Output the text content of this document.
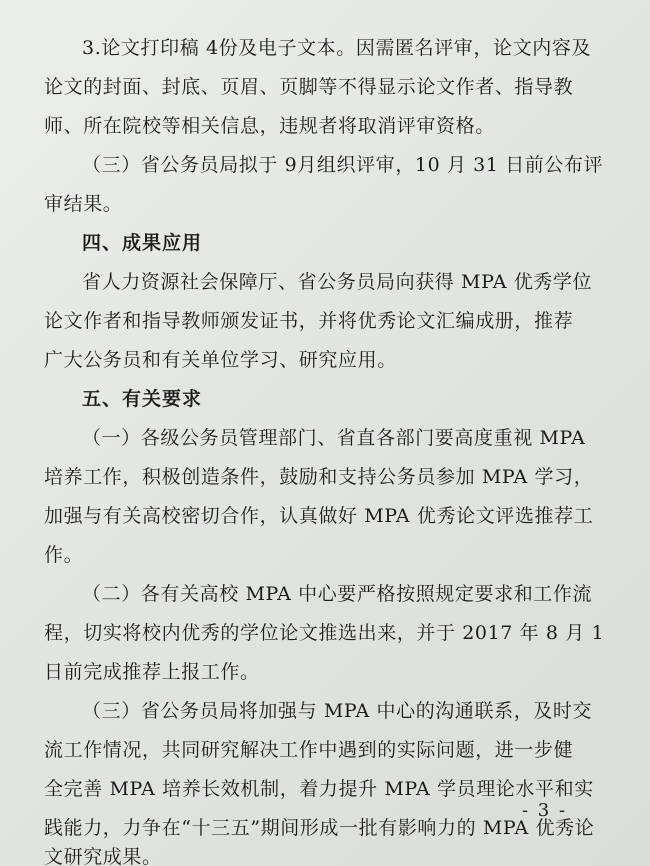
3.论文打印稿 4份及电子文本。因需匿名评审，论文内容及
论文的封面、封底、页眉、页脚等不得显示论文作者、指导教
师、所在院校等相关信息，违规者将取消评审资格。
（三）省公务员局拟于 9月组织评审，10 月 31 日前公布评
审结果。
四、成果应用
省人力资源社会保障厅、省公务员局向获得 MPA 优秀学位
论文作者和指导教师颁发证书，并将优秀论文汇编成册，推荐
广大公务员和有关单位学习、研究应用。
五、有关要求
（一）各级公务员管理部门、省直各部门要高度重视 MPA
培养工作，积极创造条件，鼓励和支持公务员参加 MPA 学习，
加强与有关高校密切合作，认真做好 MPA 优秀论文评选推荐工
作。
（二）各有关高校 MPA 中心要严格按照规定要求和工作流
程，切实将校内优秀的学位论文推选出来，并于 2017 年 8 月 1
日前完成推荐上报工作。
（三）省公务员局将加强与 MPA 中心的沟通联系，及时交
流工作情况，共同研究解决工作中遇到的实际问题，进一步健
全完善 MPA 培养长效机制，着力提升 MPA 学员理论水平和实
践能力，力争在“十三五”期间形成一批有影响力的 MPA 优秀论
文研究成果。
- 3 -
